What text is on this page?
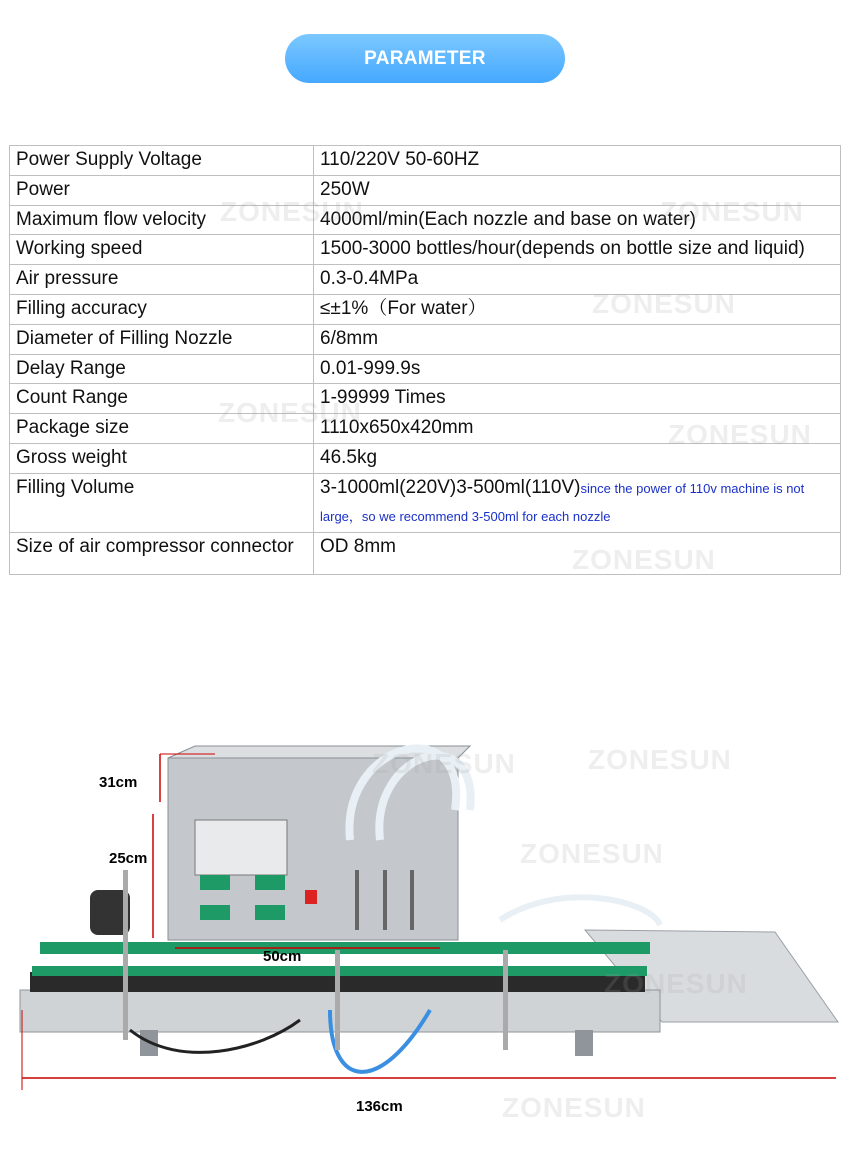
PARAMETER
Power Supply Voltage	110/220V 50-60HZ
Power	250W
Maximum flow velocity	4000ml/min(Each nozzle and base on water)
Working speed	1500-3000 bottles/hour(depends on bottle size and liquid)
Air pressure	0.3-0.4MPa
Filling accuracy	≤±1%（For water）
Diameter of Filling Nozzle	6/8mm
Delay Range	0.01-999.9s
Count Range	1-99999 Times
Package size	1110x650x420mm
Gross weight	46.5kg
Filling Volume	3-1000ml(220V)3-500ml(110V)since the power of 110v machine is not large，so we recommend 3-500ml for each nozzle
Size of air compressor connector	OD 8mm
ZONESUN	ZONESUN
ZONESUN
ZONESUN
ZONESUN
ZONESUN
31cm
25cm
50cm
136cm
ZONESUN
ZONESUN
ZONESUN
